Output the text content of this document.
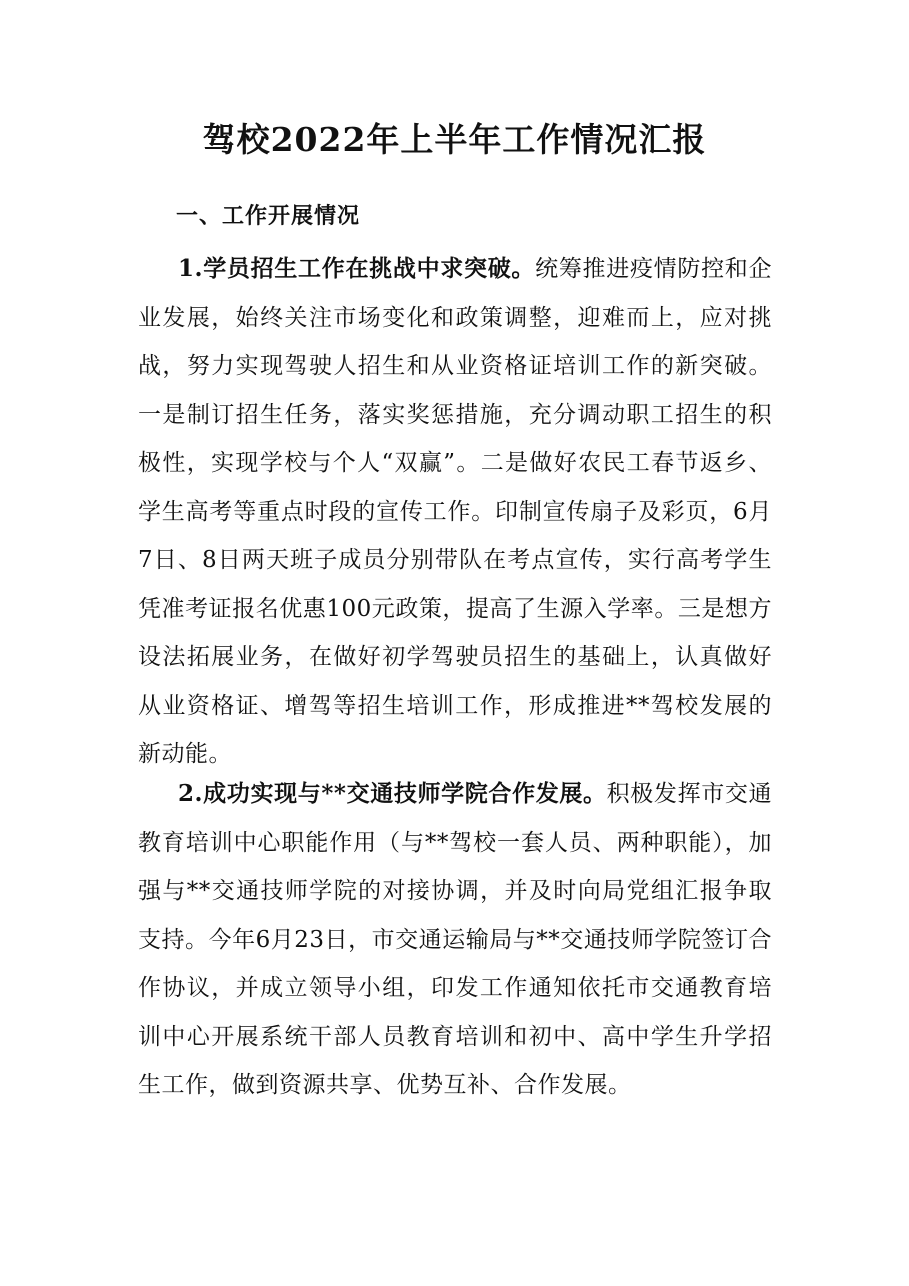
驾校2022年上半年工作情况汇报
一、工作开展情况
1.学员招生工作在挑战中求突破。统筹推进疫情防控和企业发展，始终关注市场变化和政策调整，迎难而上，应对挑战，努力实现驾驶人招生和从业资格证培训工作的新突破。一是制订招生任务，落实奖惩措施，充分调动职工招生的积极性，实现学校与个人“双赢”。二是做好农民工春节返乡、学生高考等重点时段的宣传工作。印制宣传扇子及彩页，6月7日、8日两天班子成员分别带队在考点宣传，实行高考学生凭准考证报名优惠100元政策，提高了生源入学率。三是想方设法拓展业务，在做好初学驾驶员招生的基础上，认真做好从业资格证、增驾等招生培训工作，形成推进**驾校发展的新动能。
2.成功实现与**交通技师学院合作发展。积极发挥市交通教育培训中心职能作用（与**驾校一套人员、两种职能），加强与**交通技师学院的对接协调，并及时向局党组汇报争取支持。今年6月23日，市交通运输局与**交通技师学院签订合作协议，并成立领导小组，印发工作通知依托市交通教育培训中心开展系统干部人员教育培训和初中、高中学生升学招生工作，做到资源共享、优势互补、合作发展。
